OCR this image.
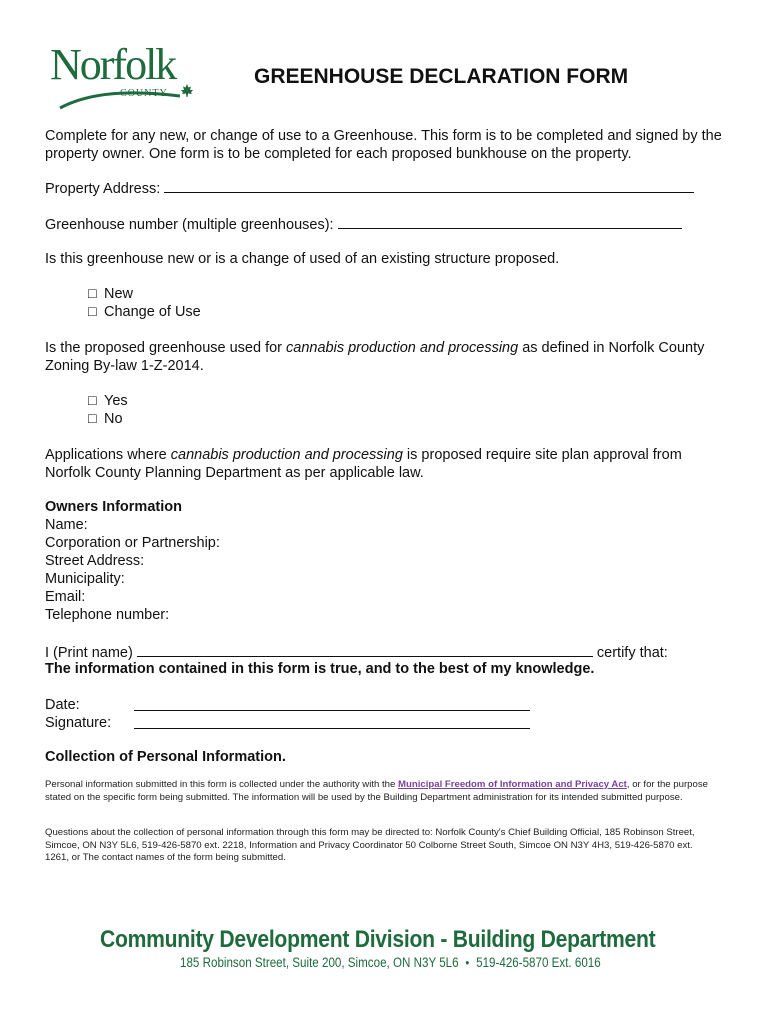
Norfolk
COUNTY
GREENHOUSE DECLARATION FORM
Complete for any new, or change of use to a Greenhouse. This form is to be completed and signed by the property owner. One form is to be completed for each proposed bunkhouse on the property.
Property Address:
Greenhouse number (multiple greenhouses):
Is this greenhouse new or is a change of used of an existing structure proposed.
□ New
□ Change of Use
Is the proposed greenhouse used for cannabis production and processing as defined in Norfolk County Zoning By-law 1-Z-2014.
□ Yes
□ No
Applications where cannabis production and processing is proposed require site plan approval from Norfolk County Planning Department as per applicable law.
Owners Information
Name:
Corporation or Partnership:
Street Address:
Municipality:
Email:
Telephone number:
I (Print name)	certify that:
The information contained in this form is true, and to the best of my knowledge.
Date:
Signature:
Collection of Personal Information.
Personal information submitted in this form is collected under the authority with the Municipal Freedom of Information and Privacy Act, or for the purpose stated on the specific form being submitted. The information will be used by the Building Department administration for its intended submitted purpose.
Questions about the collection of personal information through this form may be directed to: Norfolk County's Chief Building Official, 185 Robinson Street, Simcoe, ON N3Y 5L6, 519-426-5870 ext. 2218, Information and Privacy Coordinator 50 Colborne Street South, Simcoe ON N3Y 4H3, 519-426-5870 ext. 1261, or The contact names of the form being submitted.
Community Development Division - Building Department
185 Robinson Street, Suite 200, Simcoe, ON N3Y 5L6 ● 519-426-5870 Ext. 6016
